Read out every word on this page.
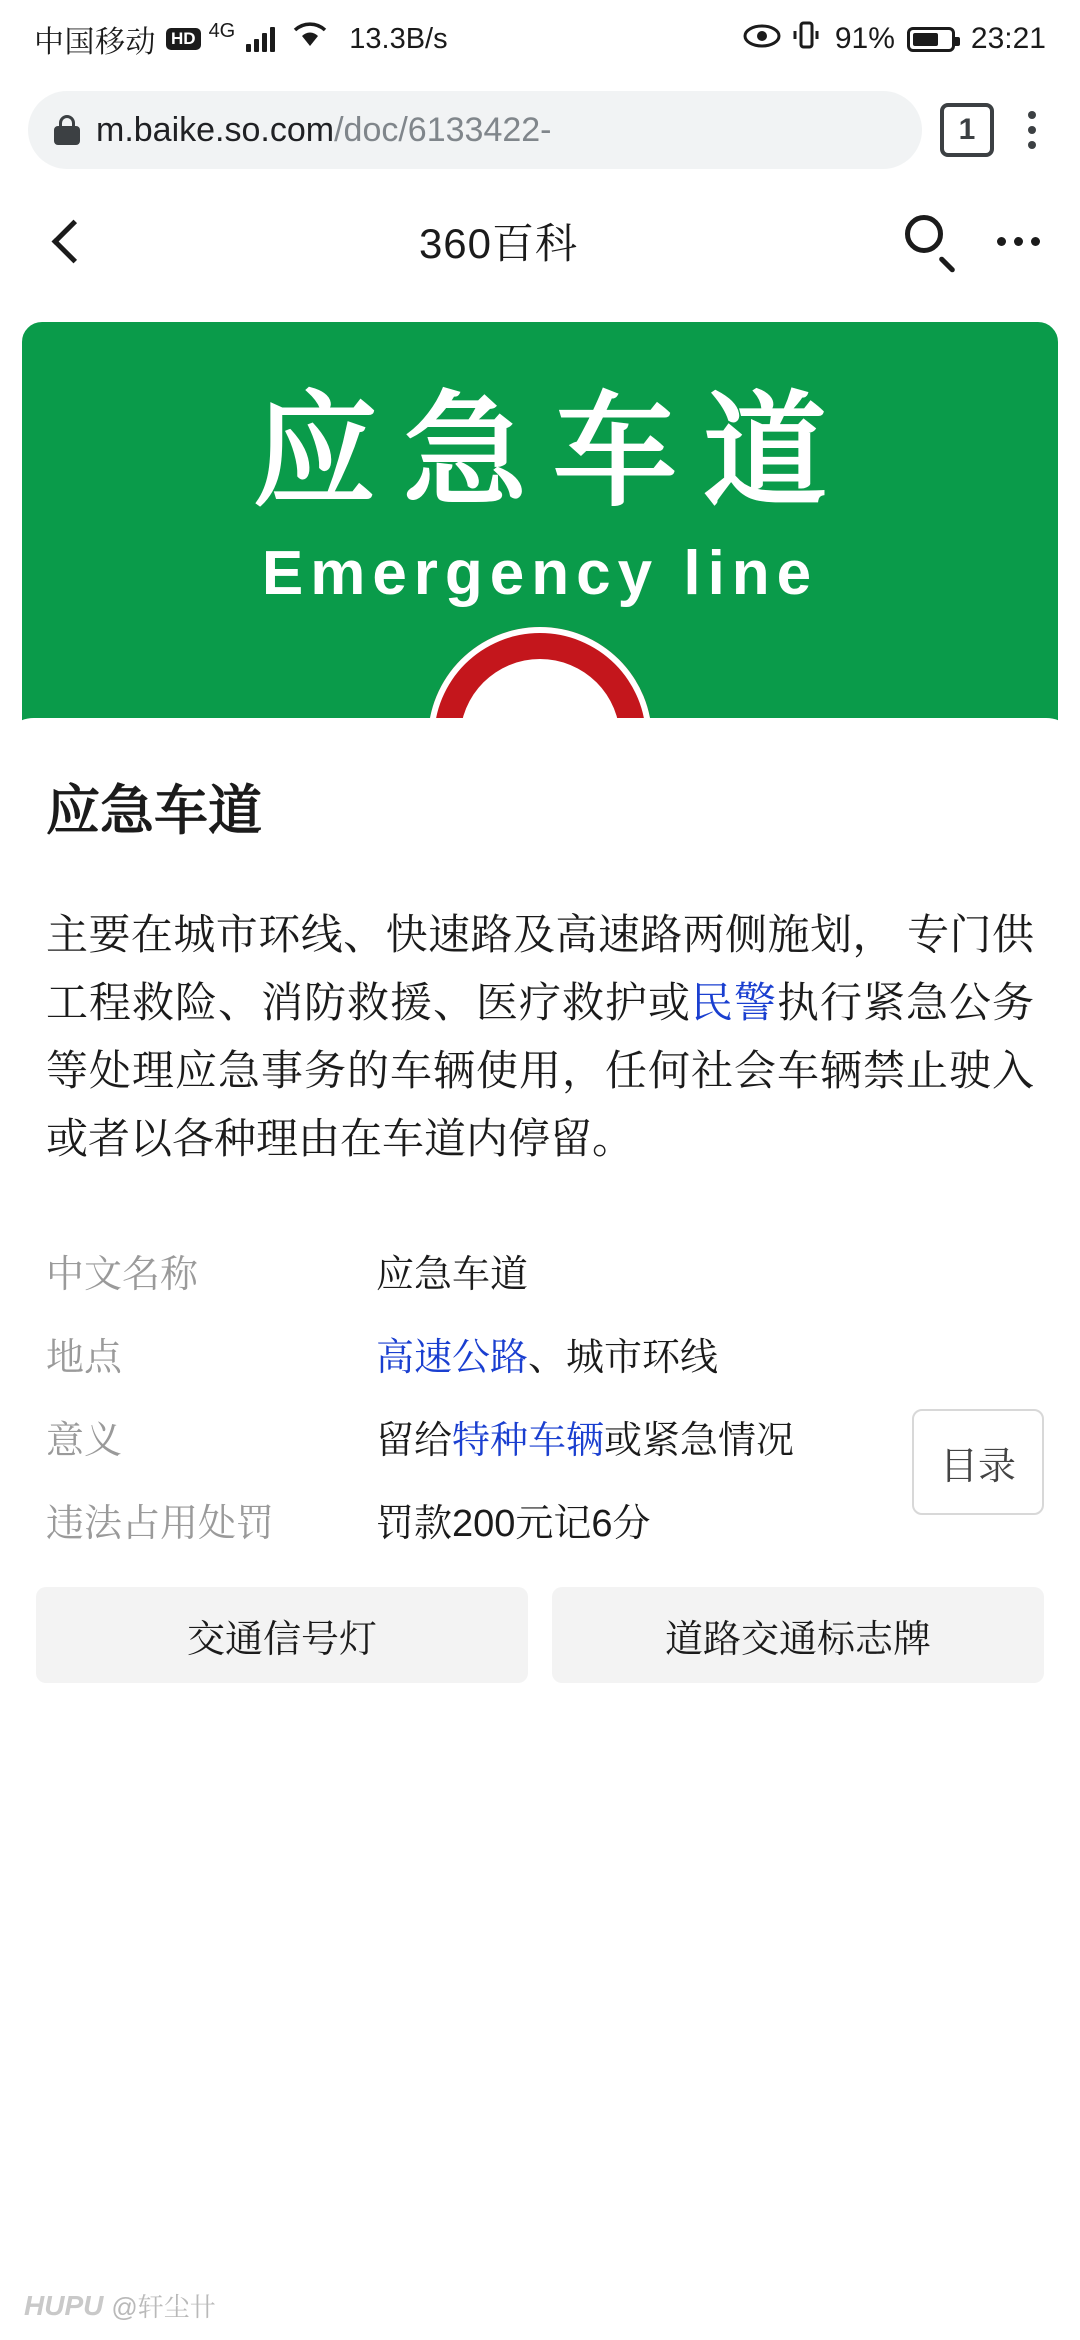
中国移动 HD 4G	13.3B/s	91%	23:21
m.baike.so.com/doc/6133422-	1
360百科
应急车道
Emergency line
应急车道
主要在城市环线、快速路及高速路两侧施划， 专门供工程救险、消防救援、医疗救护或民警执行紧急公务等处理应急事务的车辆使用，任何社会车辆禁止驶入或者以各种理由在车道内停留。
中文名称	应急车道
地点	高速公路、城市环线
意义	留给特种车辆或紧急情况
违法占用处罚	罚款200元记6分
目录
交通信号灯	道路交通标志牌
HUPU @轩尘卄
